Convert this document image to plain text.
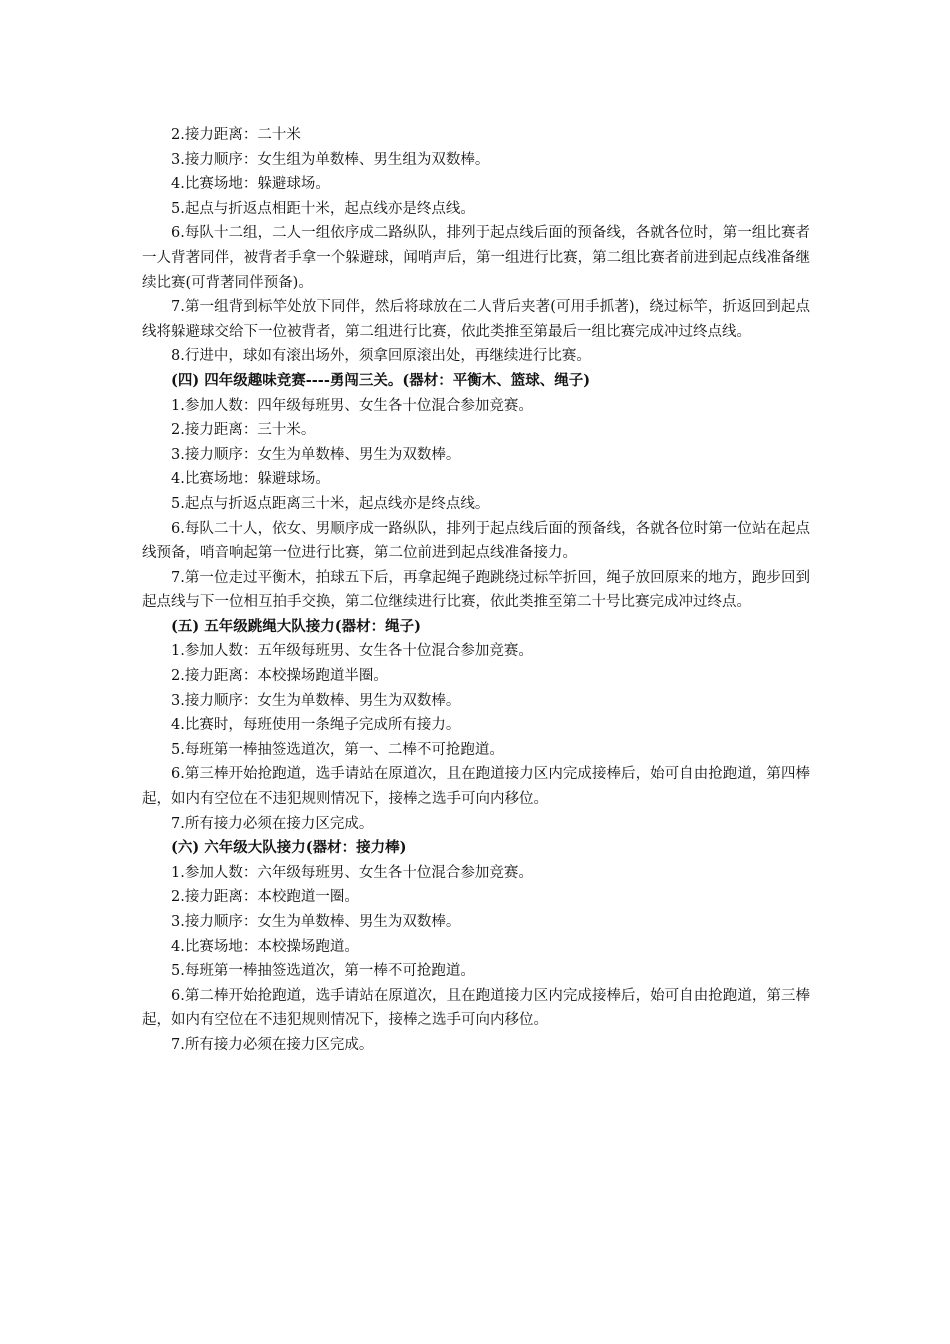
2.接力距离：二十米

3.接力顺序：女生组为单数棒、男生组为双数棒。

4.比赛场地：躲避球场。

5.起点与折返点相距十米，起点线亦是终点线。

6.每队十二组，二人一组依序成二路纵队，排列于起点线后面的预备线，各就各位时，第一组比赛者一人背著同伴，被背者手拿一个躲避球，闻哨声后，第一组进行比赛，第二组比赛者前进到起点线准备继续比赛(可背著同伴预备)。

7.第一组背到标竿处放下同伴，然后将球放在二人背后夹著(可用手抓著)，绕过标竿，折返回到起点线将躲避球交给下一位被背者，第二组进行比赛，依此类推至第最后一组比赛完成冲过终点线。

8.行进中，球如有滚出场外，须拿回原滚出处，再继续进行比赛。

(四) 四年级趣味竞赛----勇闯三关。(器材：平衡木、篮球、绳子)

1.参加人数：四年级每班男、女生各十位混合参加竞赛。

2.接力距离：三十米。

3.接力顺序：女生为单数棒、男生为双数棒。

4.比赛场地：躲避球场。

5.起点与折返点距离三十米，起点线亦是终点线。

6.每队二十人，依女、男顺序成一路纵队，排列于起点线后面的预备线，各就各位时第一位站在起点线预备，哨音响起第一位进行比赛，第二位前进到起点线准备接力。

7.第一位走过平衡木，拍球五下后，再拿起绳子跑跳绕过标竿折回，绳子放回原来的地方，跑步回到起点线与下一位相互拍手交换，第二位继续进行比赛，依此类推至第二十号比赛完成冲过终点。

(五) 五年级跳绳大队接力(器材：绳子)

1.参加人数：五年级每班男、女生各十位混合参加竞赛。

2.接力距离：本校操场跑道半圈。

3.接力顺序：女生为单数棒、男生为双数棒。

4.比赛时，每班使用一条绳子完成所有接力。

5.每班第一棒抽签选道次，第一、二棒不可抢跑道。

6.第三棒开始抢跑道，选手请站在原道次，且在跑道接力区内完成接棒后，始可自由抢跑道，第四棒起，如内有空位在不违犯规则情况下，接棒之选手可向内移位。

7.所有接力必须在接力区完成。

(六) 六年级大队接力(器材：接力棒)

1.参加人数：六年级每班男、女生各十位混合参加竞赛。

2.接力距离：本校跑道一圈。

3.接力顺序：女生为单数棒、男生为双数棒。

4.比赛场地：本校操场跑道。

5.每班第一棒抽签选道次，第一棒不可抢跑道。

6.第二棒开始抢跑道，选手请站在原道次，且在跑道接力区内完成接棒后，始可自由抢跑道，第三棒起，如内有空位在不违犯规则情况下，接棒之选手可向内移位。

7.所有接力必须在接力区完成。
